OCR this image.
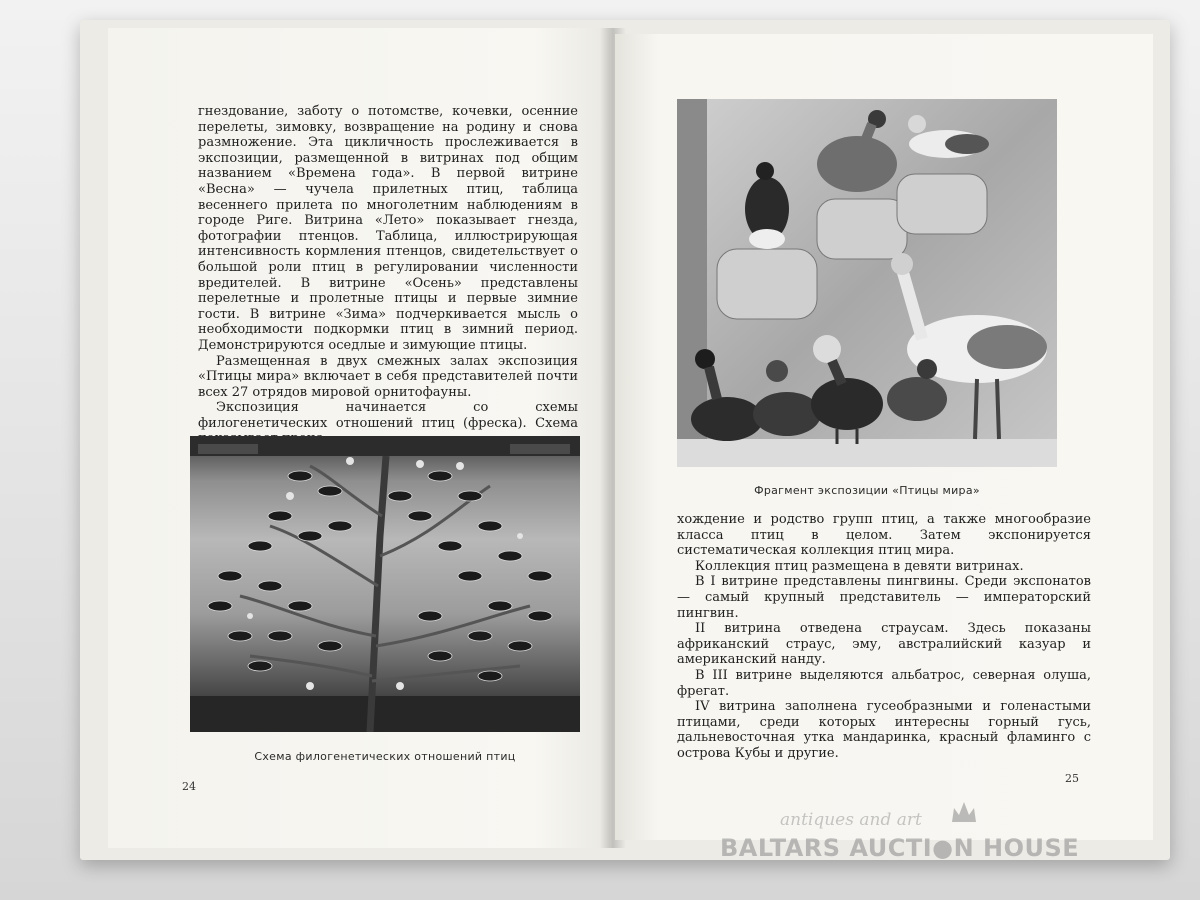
гнездование, заботу о потомстве, кочевки, осенние перелеты, зимовку, возвращение на родину и снова размножение. Эта цикличность прослеживается в экспозиции, размещенной в витринах под общим названием «Времена года». В первой витрине «Весна» — чучела прилетных птиц, таблица весеннего прилета по многолетним наблюдениям в городе Риге. Витрина «Лето» показывает гнезда, фотографии птенцов. Таблица, иллюстрирующая интенсивность кормления птенцов, свидетельствует о большой роли птиц в регулировании численности вредителей. В витрине «Осень» представлены перелетные и пролетные птицы и первые зимние гости. В витрине «Зима» подчеркивается мысль о необходимости подкормки птиц в зимний период. Демонстрируются оседлые и зимующие птицы.

Размещенная в двух смежных залах экспозиция «Птицы мира» включает в себя представителей почти всех 27 отрядов мировой орнитофауны.

Экспозиция начинается со схемы филогенетических отношений птиц (фреска). Схема

Схема филогенетических отношений птиц
24
Фрагмент экспозиции «Птицы мира»

хождение и родство групп птиц, а также многообразие класса птиц в целом. Затем экспонируется систематическая коллекция птиц мира.

Коллекция птиц размещена в девяти витринах.

В I витрине представлены пингвины. Среди экспонатов — самый крупный представитель — императорский пингвин.

II витрина отведена страусам. Здесь показаны африканский страус, эму, австралийский казуар и американский нанду.

В III витрине выделяются альбатрос, северная олуша, фрегат.

IV витрина заполнена гусеобразными и голенастыми птицами, среди которых интересны горный гусь, дальневосточная утка мандаринка, красный фламинго с острова Кубы и другие.

25
antiques and art
BALTARS AUCTI●N HOUSE
